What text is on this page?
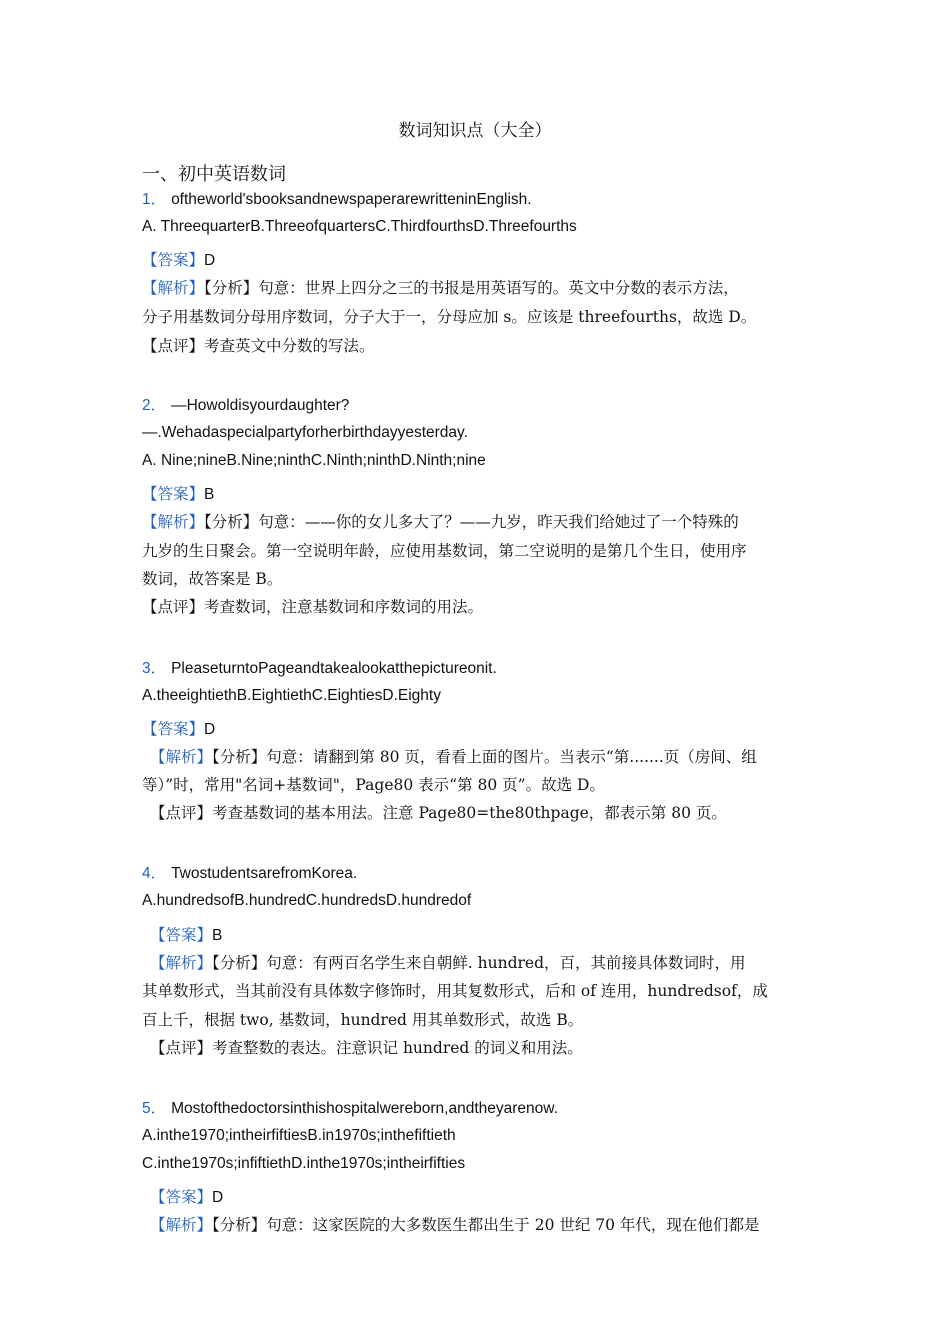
数词知识点（大全）
一、初中英语数词
1． oftheworld'sbooksandnewspaperarewritteninEnglish.
A. ThreequarterB.ThreeofquartersC.ThirdfourthsD.Threefourths
【答案】D
【解析】【分析】句意：世界上四分之三的书报是用英语写的。英文中分数的表示方法，
分子用基数词分母用序数词，分子大于一，分母应加 s。应该是 threefourths，故选 D。
【点评】考查英文中分数的写法。
2． —Howoldisyourdaughter?
—.Wehadaspecialpartyforherbirthdayyesterday.
A. Nine;nineB.Nine;ninthC.Ninth;ninthD.Ninth;nine
【答案】B
【解析】【分析】句意：——你的女儿多大了？——九岁，昨天我们给她过了一个特殊的
九岁的生日聚会。第一空说明年龄，应使用基数词，第二空说明的是第几个生日，使用序
数词，故答案是 B。
【点评】考查数词，注意基数词和序数词的用法。
3． PleaseturntoPageandtakealookatthepictureonit.
A.theeightiethB.EightiethC.EightiesD.Eighty
【答案】D
【解析】【分析】句意：请翻到第 80 页，看看上面的图片。当表示“第.......页（房间、组
等）”时，常用"名词+基数词"，Page80 表示“第 80 页”。故选 D。
【点评】考查基数词的基本用法。注意 Page80=the80thpage，都表示第 80 页。
4． TwostudentsarefromKorea.
A.hundredsofB.hundredC.hundredsD.hundredof
【答案】B
【解析】【分析】句意：有两百名学生来自朝鲜. hundred，百，其前接具体数词时，用
其单数形式，当其前没有具体数字修饰时，用其复数形式，后和 of 连用，hundredsof，成
百上千，根据 two, 基数词，hundred 用其单数形式，故选 B。
【点评】考查整数的表达。注意识记 hundred 的词义和用法。
5． Mostofthedoctorsinthishospitalwereborn,andtheyarenow.
A.inthe1970;intheirfiftiesB.in1970s;inthefiftieth
C.inthe1970s;infiftiethD.inthe1970s;intheirfifties
【答案】D
【解析】【分析】句意：这家医院的大多数医生都出生于 20 世纪 70 年代，现在他们都是
